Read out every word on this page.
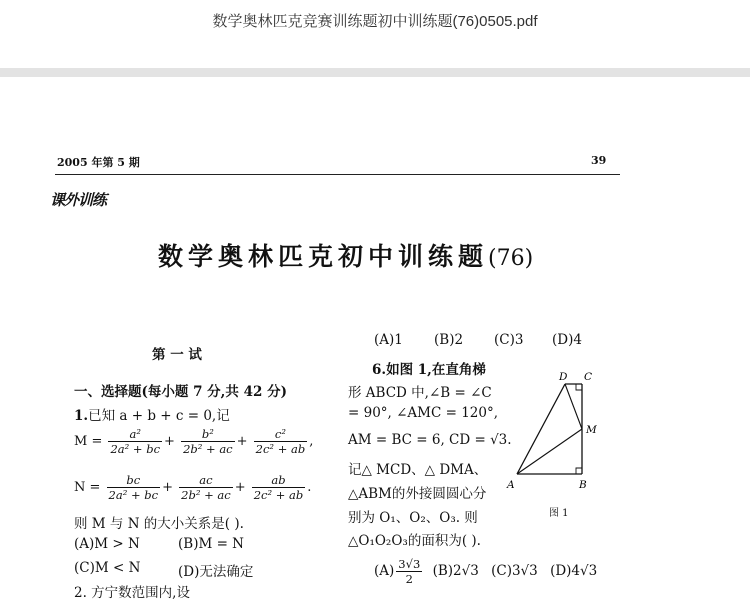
数学奥林匹克竞赛训练题初中训练题(76)0505.pdf
2005 年第 5 期	39
课外训练
数学奥林匹克初中训练题(76)
第 一 试
一、选择题(每小题 7 分,共 42 分)
1.已知 a + b + c = 0,记
$M = \frac{\text{a²}}{\text{2a² + bc}} + \frac{\text{b²}}{\text{2b² + ac}} + \frac{\text{c²}}{\text{2c² + ab}}$ ,
$N = \frac{bc}{\text{2a² + bc}} + \frac{ac}{\text{2b² + ac}} + \frac{ab}{\text{2c² + ab}}$ .
则 M 与 N 的大小关系是( ).
(A)M > N	(B)M = N
(C)M < N	(D)无法确定
2. 方宁数范围内,设
(A)1 (B)2 (C)3 (D)4
6.如图 1,在直角梯
形 ABCD 中,∠B = ∠C
= 90°, ∠AMC = 120°,
AM = BC = 6, CD = √3.
记△ MCD、△ DMA、
△ABM的外接圆圆心分
别为 O₁、O₂、O₃. 则
△O₁O₂O₃的面积为( ).
$(A) \frac{3√3}{2} (B)2√3$ (C)3√3 (D)4√3
A	B
C
D
M
图 1
